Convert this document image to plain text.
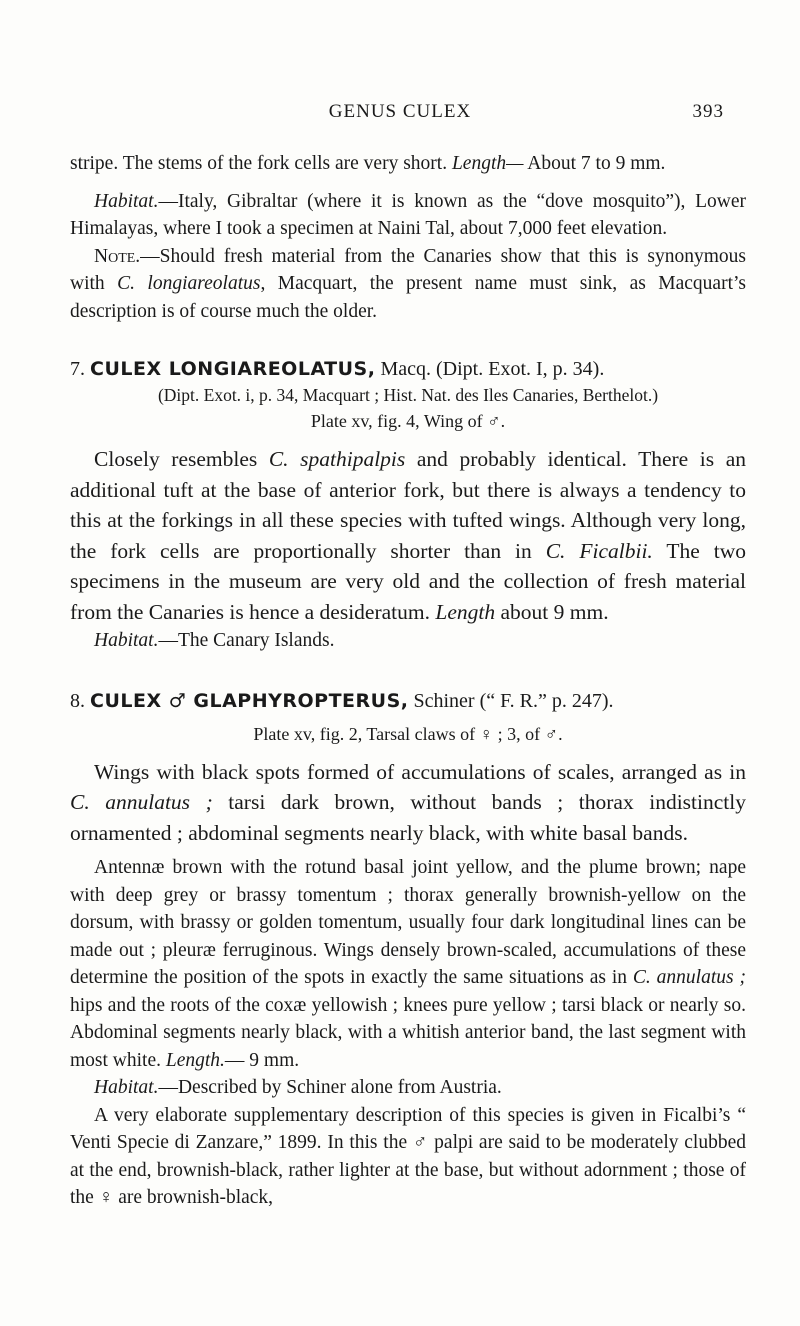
GENUS CULEX	393

stripe. The stems of the fork cells are very short. Length— About 7 to 9 mm.

Habitat.—Italy, Gibraltar (where it is known as the “dove mosquito”), Lower Himalayas, where I took a specimen at Naini Tal, about 7,000 feet elevation.

Note.—Should fresh material from the Canaries show that this is synonymous with C. longiareolatus, Macquart, the present name must sink, as Macquart’s description is of course much the older.

7. CULEX LONGIAREOLATUS, Macq. (Dipt. Exot. I, p. 34).

(Dipt. Exot. i, p. 34, Macquart ; Hist. Nat. des Iles Canaries, Berthelot.)

Plate xv, fig. 4, Wing of ♂.

Closely resembles C. spathipalpis and probably identical. There is an additional tuft at the base of anterior fork, but there is always a tendency to this at the forkings in all these species with tufted wings. Although very long, the fork cells are proportionally shorter than in C. Ficalbii. The two specimens in the museum are very old and the collection of fresh material from the Canaries is hence a desideratum. Length about 9 mm.

Habitat.—The Canary Islands.

8. CULEX ♂ GLAPHYROPTERUS, Schiner (“ F. R.” p. 247).

Plate xv, fig. 2, Tarsal claws of ♀ ; 3, of ♂.

Wings with black spots formed of accumulations of scales, arranged as in C. annulatus ; tarsi dark brown, without bands ; thorax indistinctly ornamented ; abdominal segments nearly black, with white basal bands.

Antennæ brown with the rotund basal joint yellow, and the plume brown; nape with deep grey or brassy tomentum ; thorax generally brownish-yellow on the dorsum, with brassy or golden tomentum, usually four dark longitudinal lines can be made out ; pleuræ ferruginous. Wings densely brown-scaled, accumulations of these determine the position of the spots in exactly the same situations as in C. annulatus ; hips and the roots of the coxæ yellowish ; knees pure yellow ; tarsi black or nearly so. Abdominal segments nearly black, with a whitish anterior band, the last segment with most white. Length.— 9 mm.

Habitat.—Described by Schiner alone from Austria.

A very elaborate supplementary description of this species is given in Ficalbi’s “ Venti Specie di Zanzare,” 1899. In this the ♂ palpi are said to be moderately clubbed at the end, brownish-black, rather lighter at the base, but without adornment ; those of the ♀ are brownish-black,
